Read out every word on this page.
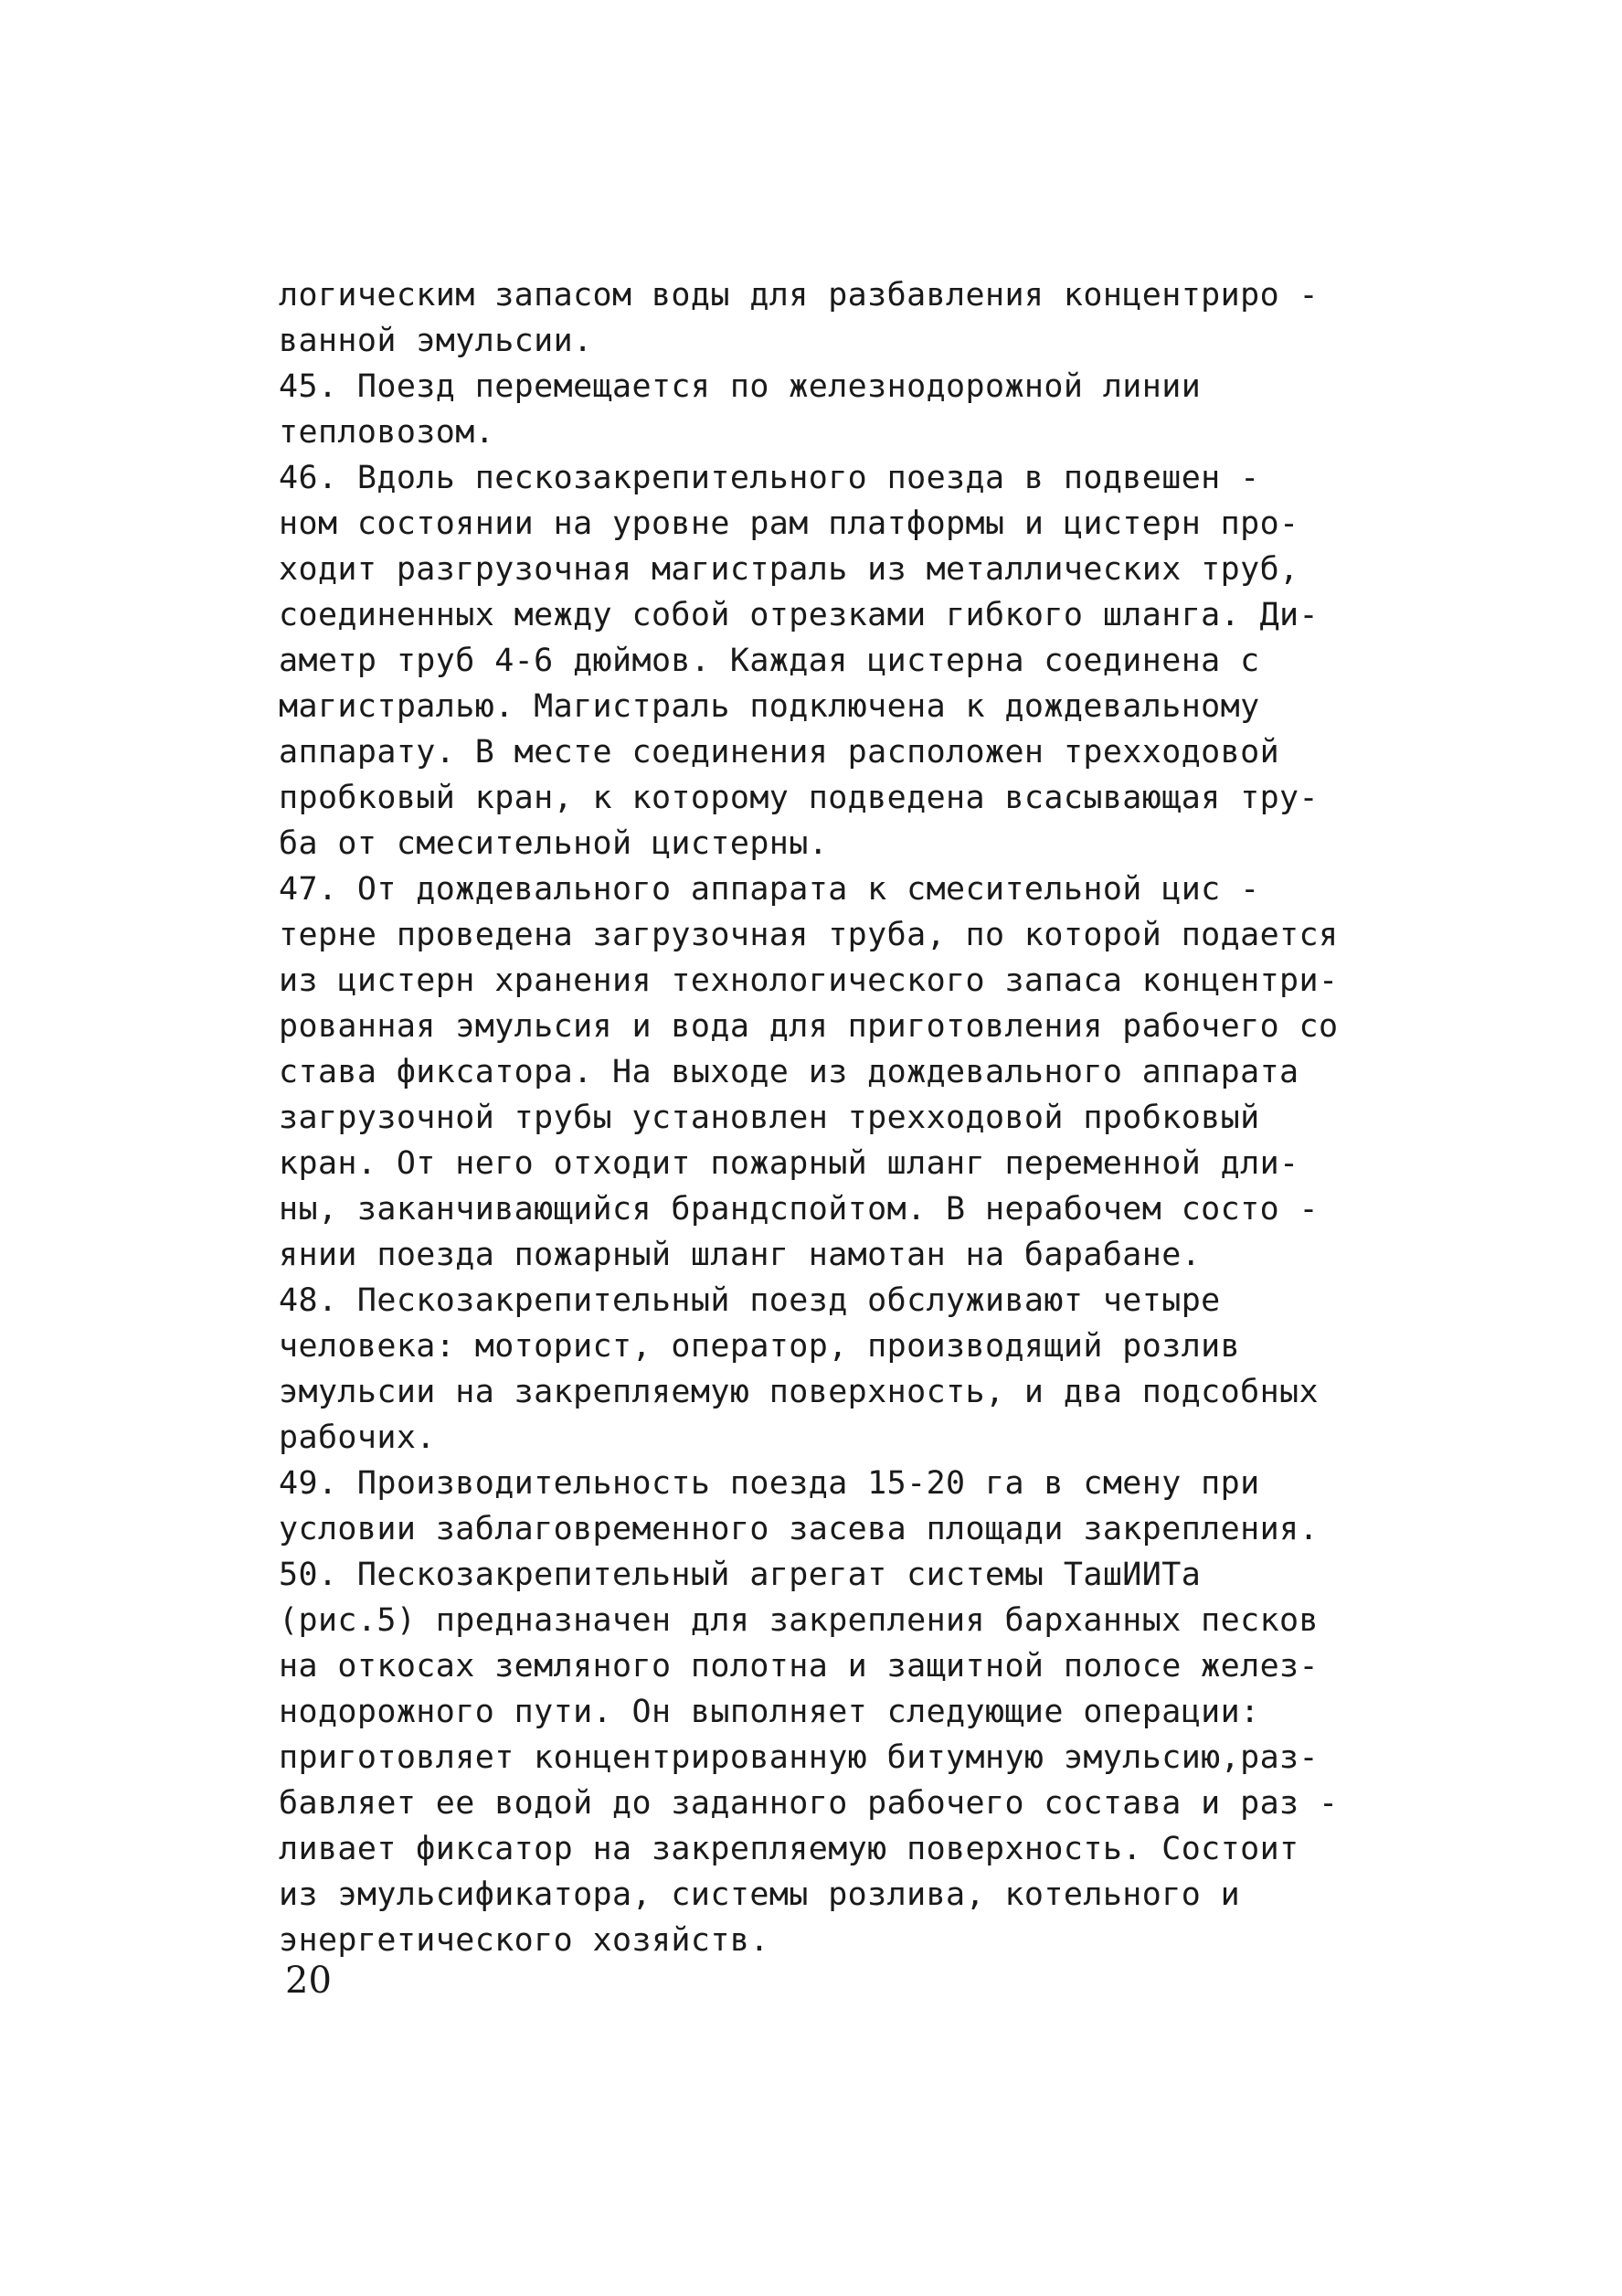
логическим запасом воды для разбавления концентриро -
ванной эмульсии.
45. Поезд перемещается по железнодорожной линии
тепловозом.
46. Вдоль пескозакрепительного поезда в подвешен -
ном состоянии на уровне рам платформы и цистерн про-
ходит разгрузочная магистраль из металлических труб,
соединенных между собой отрезками гибкого шланга. Ди-
аметр труб 4-6 дюймов. Каждая цистерна соединена с
магистралью. Магистраль подключена к дождевальному
аппарату. В месте соединения расположен трехходовой
пробковый кран, к которому подведена всасывающая тру-
ба от смесительной цистерны.
47. От дождевального аппарата к смесительной цис -
терне проведена загрузочная труба, по которой подается
из цистерн хранения технологического запаса концентри-
рованная эмульсия и вода для приготовления рабочего со
става фиксатора. На выходе из дождевального аппарата
загрузочной трубы установлен трехходовой пробковый
кран. От него отходит пожарный шланг переменной дли-
ны, заканчивающийся брандспойтом. В нерабочем состо -
янии поезда пожарный шланг намотан на барабане.
48. Пескозакрепительный поезд обслуживают четыре
человека: моторист, оператор, производящий розлив
эмульсии на закрепляемую поверхность, и два подсобных
рабочих.
49. Производительность поезда 15-20 га в смену при
условии заблаговременного засева площади закрепления.
50. Пескозакрепительный агрегат системы ТашИИТа
(рис.5) предназначен для закрепления барханных песков
на откосах земляного полотна и защитной полосе желез-
нодорожного пути. Он выполняет следующие операции:
приготовляет концентрированную битумную эмульсию,раз-
бавляет ее водой до заданного рабочего состава и раз -
ливает фиксатор на закрепляемую поверхность. Состоит
из эмульсификатора, системы розлива, котельного и
энергетического хозяйств.
20
